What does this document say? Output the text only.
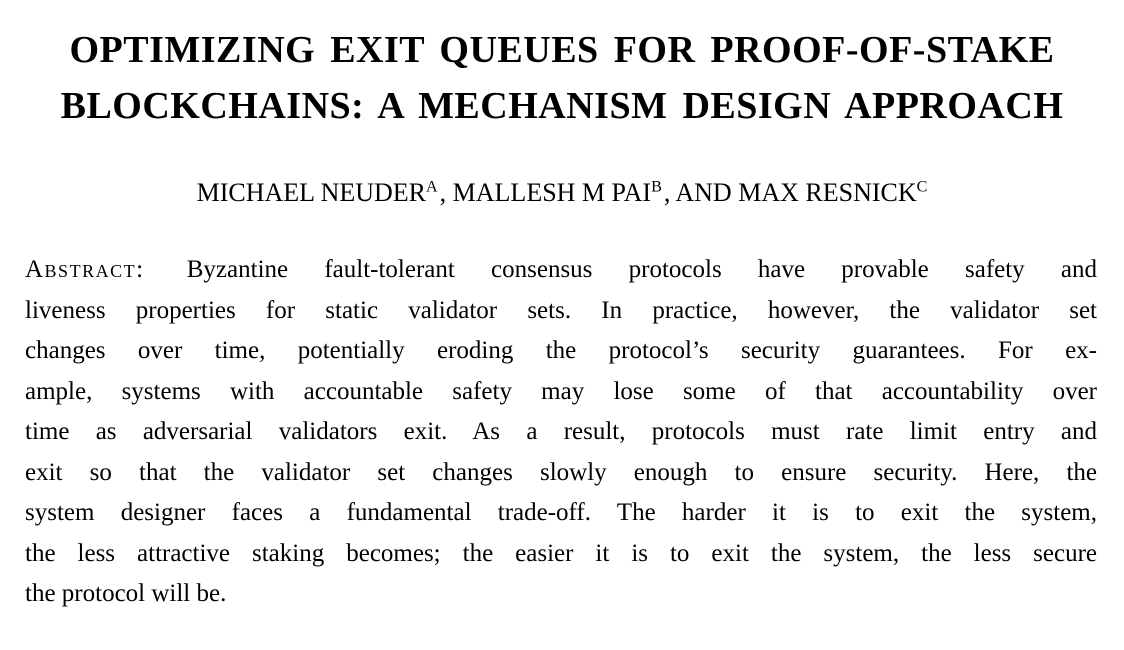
OPTIMIZING EXIT QUEUES FOR PROOF-OF-STAKE
BLOCKCHAINS: A MECHANISM DESIGN APPROACH
MICHAEL $NEUDER^A$, MALLESH M $PAI^B$, AND MAX $RESNICK^C$
Abstract: Byzantine fault-tolerant consensus protocols have provable safety and
liveness properties for static validator sets. In practice, however, the validator set
changes over time, potentially eroding the protocol’s security guarantees. For ex-
ample, systems with accountable safety may lose some of that accountability over
time as adversarial validators exit. As a result, protocols must rate limit entry and
exit so that the validator set changes slowly enough to ensure security. Here, the
system designer faces a fundamental trade-off. The harder it is to exit the system,
the less attractive staking becomes; the easier it is to exit the system, the less secure
the protocol will be.
